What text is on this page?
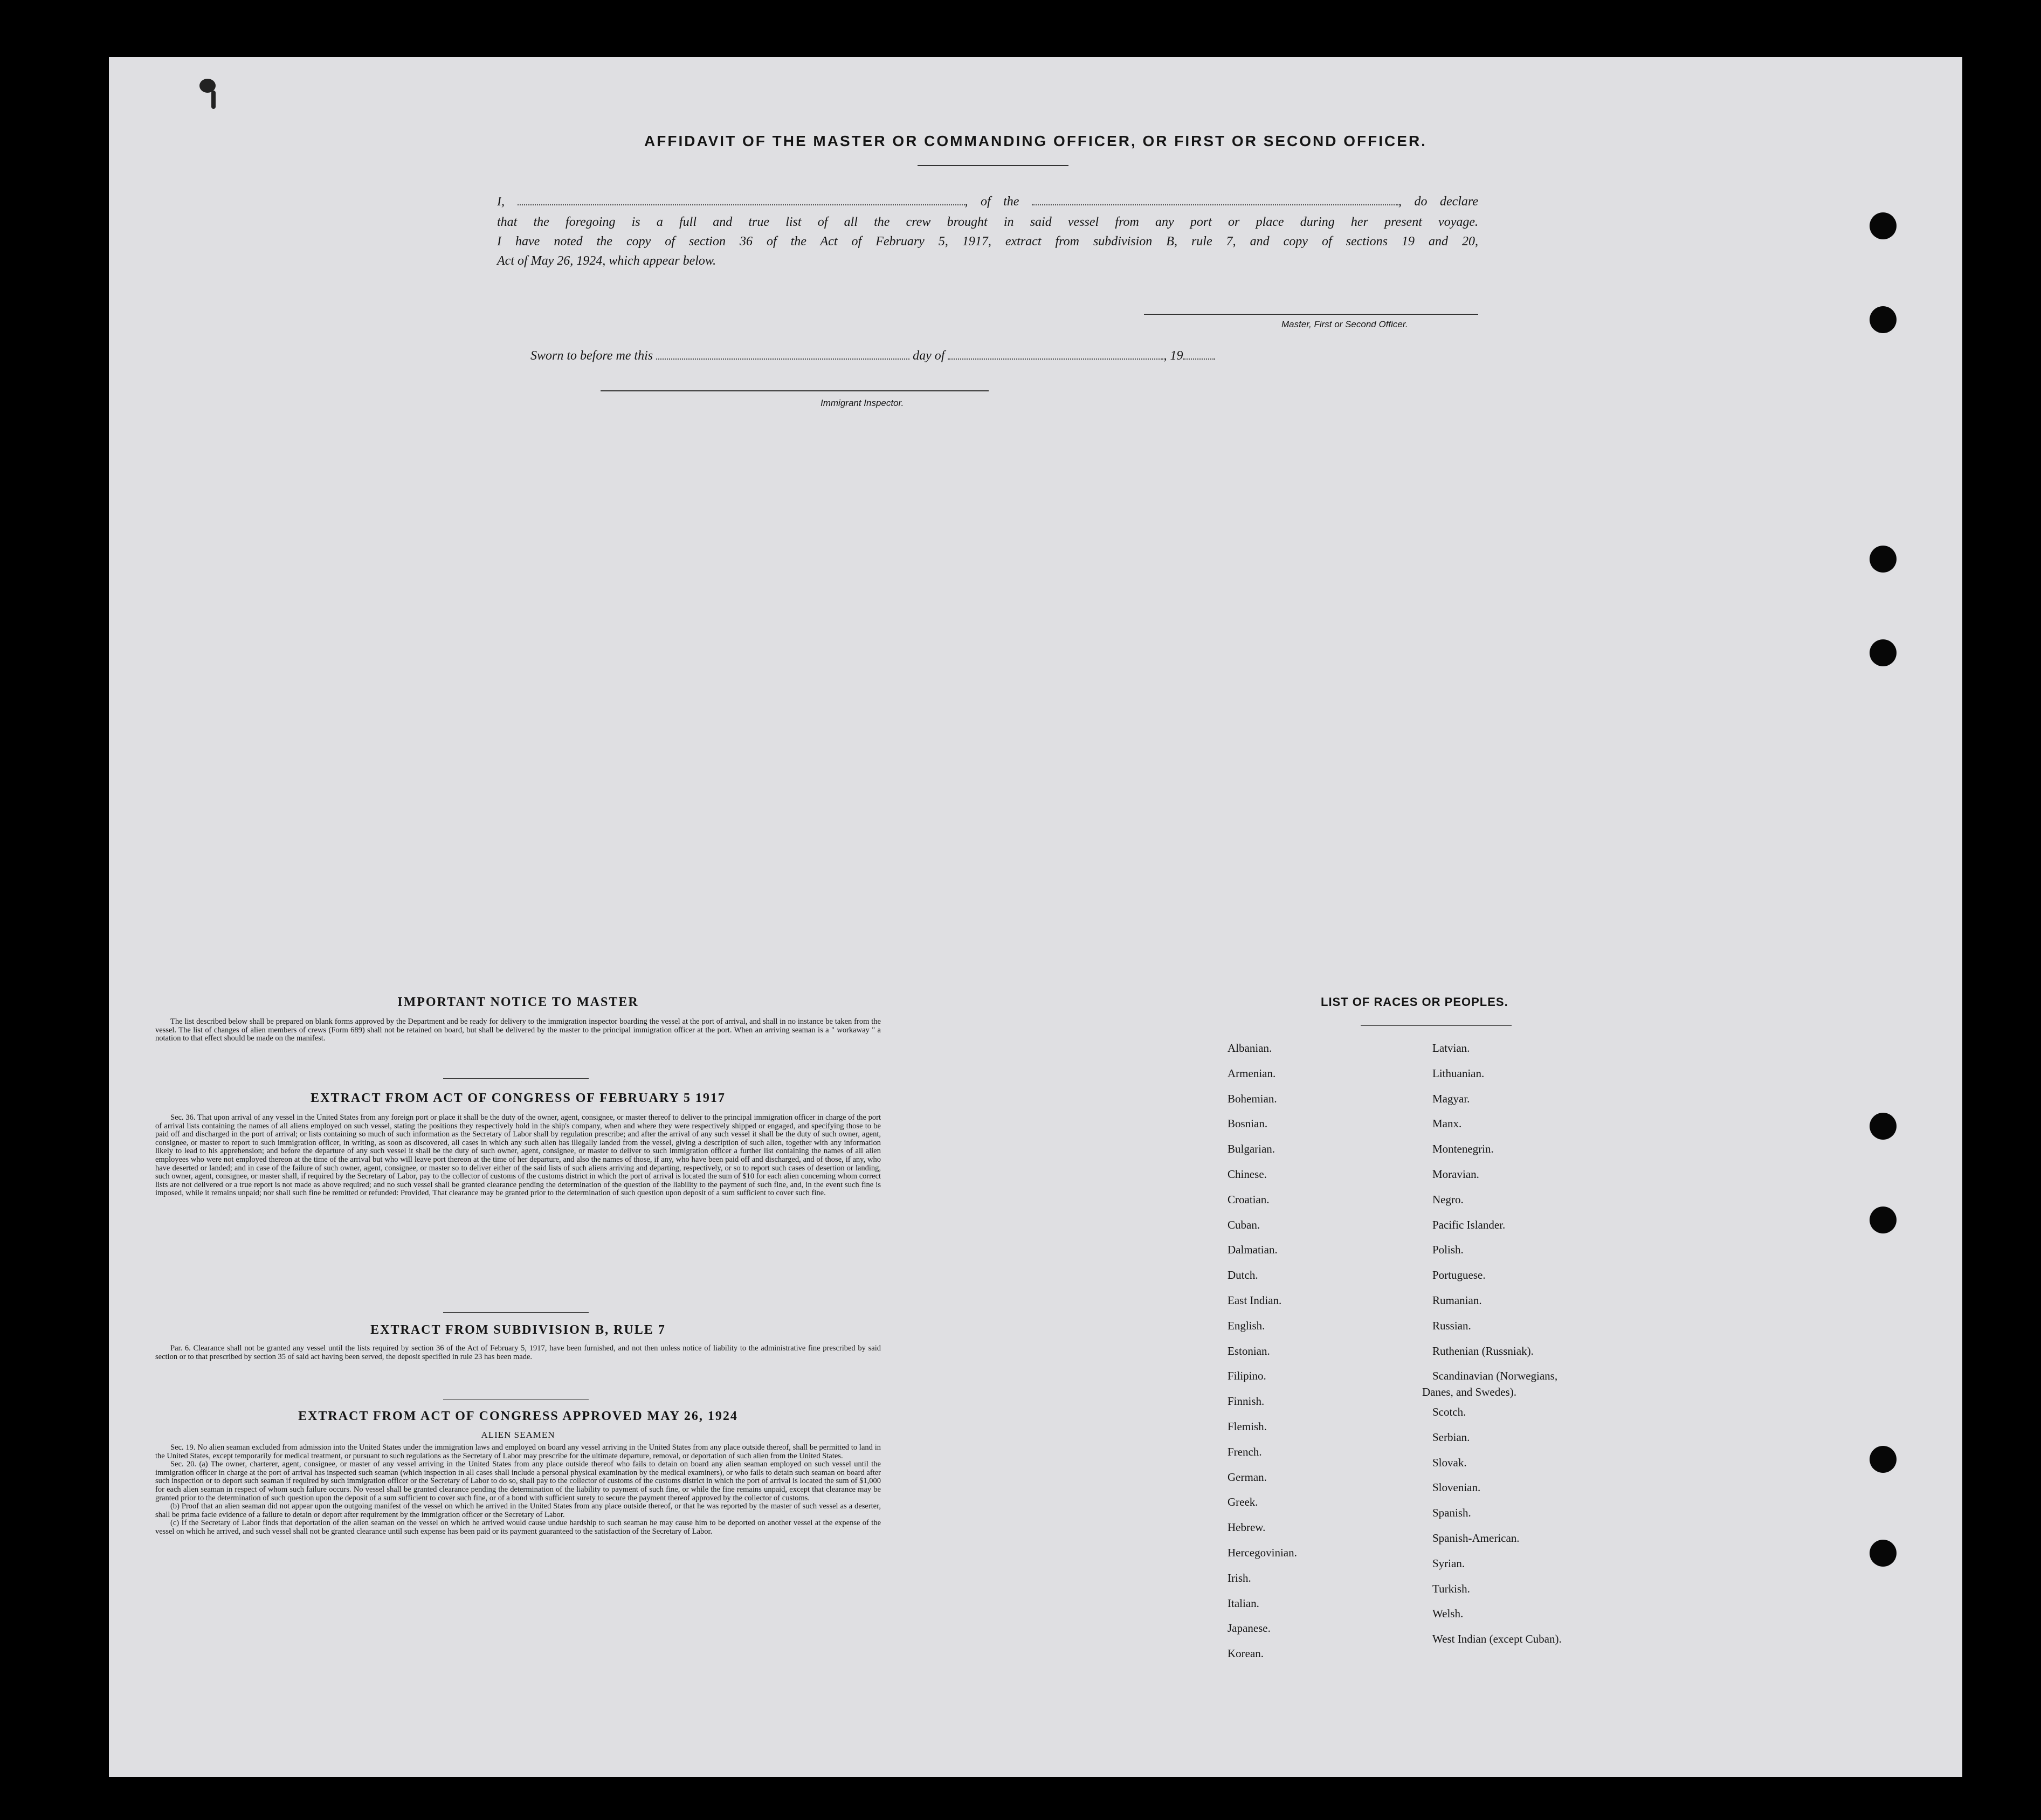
AFFIDAVIT OF THE MASTER OR COMMANDING OFFICER, OR FIRST OR SECOND OFFICER.
I,	, of the	, do declare
that the foregoing is a full and true list of all the crew brought in said vessel from any port or place during her present voyage.
I have noted the copy of section 36 of the Act of February 5, 1917, extract from subdivision B, rule 7, and copy of sections 19 and 20,
Act of May 26, 1924, which appear below.
Master, First or Second Officer.
Sworn to before me this	day of	, 19
Immigrant Inspector.
IMPORTANT NOTICE TO MASTER

The list described below shall be prepared on blank forms approved by the Department and be ready for delivery to the immigration inspector boarding the vessel at the port of arrival, and shall in no instance be taken from the vessel. The list of changes of alien members of crews (Form 689) shall not be retained on board, but shall be delivered by the master to the principal immigration officer at the port. When an arriving seaman is a " workaway " a notation to that effect should be made on the manifest.

EXTRACT FROM ACT OF CONGRESS OF FEBRUARY 5 1917

Sec. 36. That upon arrival of any vessel in the United States from any foreign port or place it shall be the duty of the owner, agent, consignee, or master thereof to deliver to the principal immigration officer in charge of the port of arrival lists containing the names of all aliens employed on such vessel, stating the positions they respectively hold in the ship's company, when and where they were respectively shipped or engaged, and specifying those to be paid off and discharged in the port of arrival; or lists containing so much of such information as the Secretary of Labor shall by regulation prescribe; and after the arrival of any such vessel it shall be the duty of such owner, agent, consignee, or master to report to such immigration officer, in writing, as soon as discovered, all cases in which any such alien has illegally landed from the vessel, giving a description of such alien, together with any information likely to lead to his apprehension; and before the departure of any such vessel it shall be the duty of such owner, agent, consignee, or master to deliver to such immigration officer a further list containing the names of all alien employees who were not employed thereon at the time of the arrival but who will leave port thereon at the time of her departure, and also the names of those, if any, who have been paid off and discharged, and of those, if any, who have deserted or landed; and in case of the failure of such owner, agent, consignee, or master so to deliver either of the said lists of such aliens arriving and departing, respectively, or so to report such cases of desertion or landing, such owner, agent, consignee, or master shall, if required by the Secretary of Labor, pay to the collector of customs of the customs district in which the port of arrival is located the sum of $10 for each alien concerning whom correct lists are not delivered or a true report is not made as above required; and no such vessel shall be granted clearance pending the determination of the question of the liability to the payment of such fine, and, in the event such fine is imposed, while it remains unpaid; nor shall such fine be remitted or refunded: Provided, That clearance may be granted prior to the determination of such question upon deposit of a sum sufficient to cover such fine.

EXTRACT FROM SUBDIVISION B, RULE 7

Par. 6. Clearance shall not be granted any vessel until the lists required by section 36 of the Act of February 5, 1917, have been furnished, and not then unless notice of liability to the administrative fine prescribed by said section or to that prescribed by section 35 of said act having been served, the deposit specified in rule 23 has been made.

EXTRACT FROM ACT OF CONGRESS APPROVED MAY 26, 1924
ALIEN SEAMEN

Sec. 19. No alien seaman excluded from admission into the United States under the immigration laws and employed on board any vessel arriving in the United States from any place outside thereof, shall be permitted to land in the United States, except temporarily for medical treatment, or pursuant to such regulations as the Secretary of Labor may prescribe for the ultimate departure, removal, or deportation of such alien from the United States.

Sec. 20. (a) The owner, charterer, agent, consignee, or master of any vessel arriving in the United States from any place outside thereof who fails to detain on board any alien seaman employed on such vessel until the immigration officer in charge at the port of arrival has inspected such seaman (which inspection in all cases shall include a personal physical examination by the medical examiners), or who fails to detain such seaman on board after such inspection or to deport such seaman if required by such immigration officer or the Secretary of Labor to do so, shall pay to the collector of customs of the customs district in which the port of arrival is located the sum of $1,000 for each alien seaman in respect of whom such failure occurs. No vessel shall be granted clearance pending the determination of the liability to payment of such fine, or while the fine remains unpaid, except that clearance may be granted prior to the determination of such question upon the deposit of a sum sufficient to cover such fine, or of a bond with sufficient surety to secure the payment thereof approved by the collector of customs.

(b) Proof that an alien seaman did not appear upon the outgoing manifest of the vessel on which he arrived in the United States from any place outside thereof, or that he was reported by the master of such vessel as a deserter, shall be prima facie evidence of a failure to detain or deport after requirement by the immigration officer or the Secretary of Labor.

(c) If the Secretary of Labor finds that deportation of the alien seaman on the vessel on which he arrived would cause undue hardship to such seaman he may cause him to be deported on another vessel at the expense of the vessel on which he arrived, and such vessel shall not be granted clearance until such expense has been paid or its payment guaranteed to the satisfaction of the Secretary of Labor.

LIST OF RACES OR PEOPLES.
Albanian.
Armenian.
Bohemian.
Bosnian.
Bulgarian.
Chinese.
Croatian.
Cuban.
Dalmatian.
Dutch.
East Indian.
English.
Estonian.
Filipino.
Finnish.
Flemish.
French.
German.
Greek.
Hebrew.
Hercegovinian.
Irish.
Italian.
Japanese.
Korean.
Latvian.
Lithuanian.
Magyar.
Manx.
Montenegrin.
Moravian.
Negro.
Pacific Islander.
Polish.
Portuguese.
Rumanian.
Russian.
Ruthenian (Russniak).
Scandinavian (Norwegians,
Danes, and Swedes).
Scotch.
Serbian.
Slovak.
Slovenian.
Spanish.
Spanish-American.
Syrian.
Turkish.
Welsh.
West Indian (except Cuban).
